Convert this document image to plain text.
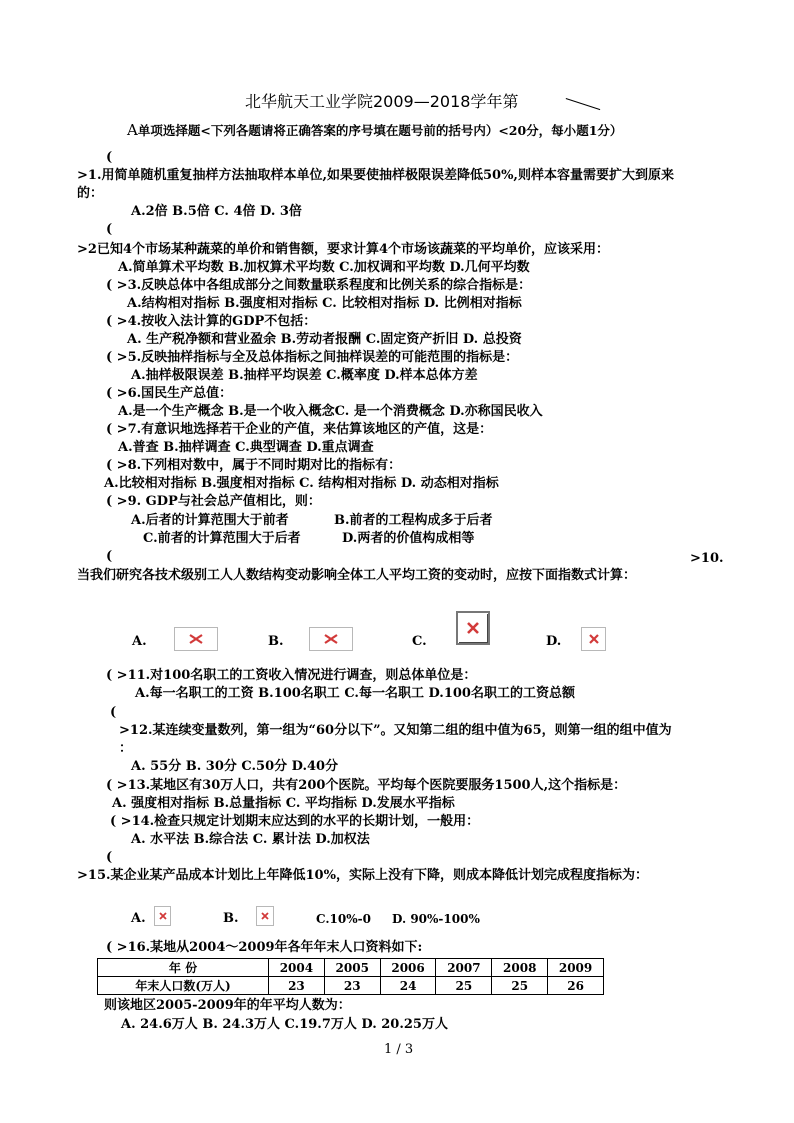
北华航天工业学院2009—2018学年第
A单项选择题<下列各题请将正确答案的序号填在题号前的括号内）<20分，每小题1分）
(
>1.用简单随机重复抽样方法抽取样本单位,如果要使抽样极限误差降低50%,则样本容量需要扩大到原来
的：
A.2倍 B.5倍 C. 4倍 D. 3倍
(
>2已知4个市场某种蔬菜的单价和销售额，要求计算4个市场该蔬菜的平均单价，应该采用：
A.简单算术平均数 B.加权算术平均数 C.加权调和平均数 D.几何平均数
( >3.反映总体中各组成部分之间数量联系程度和比例关系的综合指标是：
A.结构相对指标 B.强度相对指标 C. 比较相对指标 D. 比例相对指标
( >4.按收入法计算的GDP不包括：
A. 生产税净额和营业盈余 B.劳动者报酬 C.固定资产折旧 D. 总投资
( >5.反映抽样指标与全及总体指标之间抽样误差的可能范围的指标是：
A.抽样极限误差 B.抽样平均误差 C.概率度 D.样本总体方差
( >6.国民生产总值：
A.是一个生产概念 B.是一个收入概念C. 是一个消费概念 D.亦称国民收入
( >7.有意识地选择若干企业的产值，来估算该地区的产值，这是：
A.普查 B.抽样调查 C.典型调查 D.重点调查
( >8.下列相对数中，属于不同时期对比的指标有：
A.比较相对指标 B.强度相对指标 C. 结构相对指标 D. 动态相对指标
( >9. GDP与社会总产值相比，则：
A.后者的计算范围大于前者	B.前者的工程构成多于后者
C.前者的计算范围大于后者	D.两者的价值构成相等
(	>10.
当我们研究各技术级别工人人数结构变动影响全体工人平均工资的变动时，应按下面指数式计算：
A.	B.	C.	D.
( >11.对100名职工的工资收入情况进行调查，则总体单位是：
A.每一名职工的工资 B.100名职工 C.每一名职工 D.100名职工的工资总额
(
>12.某连续变量数列，第一组为“60分以下”。又知第二组的组中值为65，则第一组的组中值为
：
A. 55分 B. 30分 C.50分 D.40分
( >13.某地区有30万人口，共有200个医院。平均每个医院要服务1500人,这个指标是：
A. 强度相对指标 B.总量指标 C. 平均指标 D.发展水平指标
( >14.检查只规定计划期末应达到的水平的长期计划，一般用：
A. 水平法 B.综合法 C. 累计法 D.加权法
(
>15.某企业某产品成本计划比上年降低10%，实际上没有下降，则成本降低计划完成程度指标为：
A.	B.	C.10%-0 D. 90%-100%
( >16.某地从2004～2009年各年年末人口资料如下:
年 份	2004	2005	2006	2007	2008	2009
年末人口数(万人)	23	23	24	25	25	26
则该地区2005-2009年的年平均人数为：
A. 24.6万人 B. 24.3万人 C.19.7万人 D. 20.25万人
1 / 3
